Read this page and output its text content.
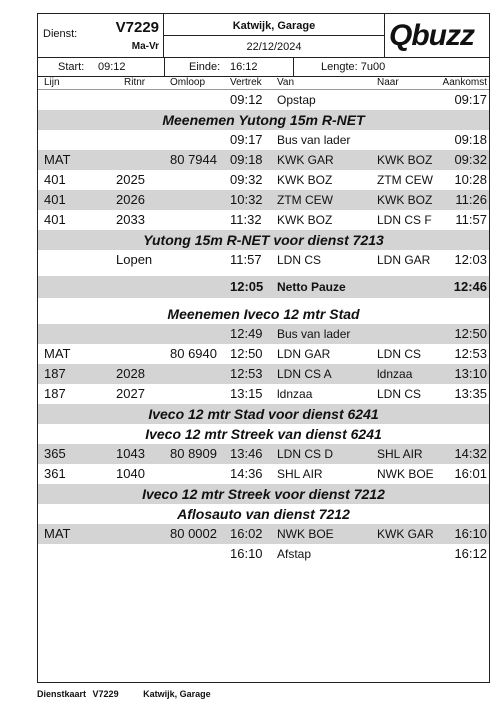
Dienst:	V7229
Ma-Vr
Katwijk, Garage
22/12/2024	Qbuzz
Start: 09:12	Einde: 16:12	Lengte: 7u00
Lijn	Ritnr Omloop Vertrek Van	Naar	Aankomst
09:12 Opstap	09:17
Meenemen Yutong 15m R-NET
09:17 Bus van lader	09:18
MAT	80 7944 09:18 KWK GAR	KWK BOZ 09:32
401	2025	09:32 KWK BOZ	ZTM CEW 10:28
401	2026	10:32 ZTM CEW	KWK BOZ 11:26
401	2033	11:32 KWK BOZ	LDN CS F 11:57
Yutong 15m R-NET voor dienst 7213
Lopen	11:57 LDN CS	LDN GAR 12:03
12:05 Netto Pauze	12:46
Meenemen Iveco 12 mtr Stad
12:49 Bus van lader	12:50
MAT	80 6940 12:50 LDN GAR	LDN CS	12:53
187	2028	12:53 LDN CS A	ldnzaa	13:10
187	2027	13:15 ldnzaa	LDN CS	13:35
Iveco 12 mtr Stad voor dienst 6241
Iveco 12 mtr Streek van dienst 6241
365	1043 80 8909 13:46 LDN CS D	SHL AIR 14:32
361	1040	14:36 SHL AIR	NWK BOE 16:01
Iveco 12 mtr Streek voor dienst 7212
Aflosauto van dienst 7212
MAT	80 0002 16:02 NWK BOE	KWK GAR 16:10
16:10 Afstap	16:12
Dienstkaart V7229	Katwijk, Garage
